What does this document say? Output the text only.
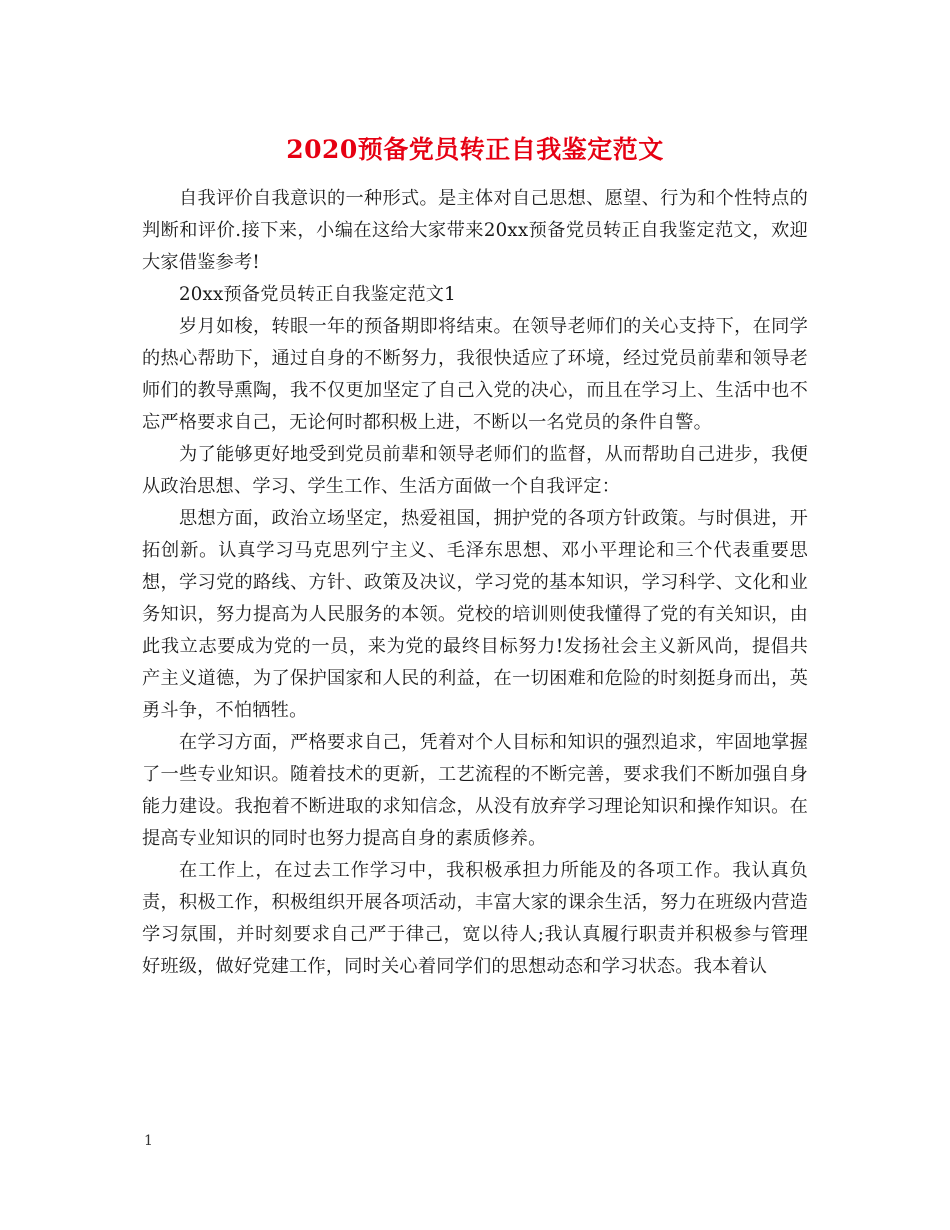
2020预备党员转正自我鉴定范文

自我评价自我意识的一种形式。是主体对自己思想、愿望、行为和个性特点的判断和评价.接下来，小编在这给大家带来20xx预备党员转正自我鉴定范文，欢迎大家借鉴参考!

20xx预备党员转正自我鉴定范文1

岁月如梭，转眼一年的预备期即将结束。在领导老师们的关心支持下，在同学的热心帮助下，通过自身的不断努力，我很快适应了环境，经过党员前辈和领导老师们的教导熏陶，我不仅更加坚定了自己入党的决心，而且在学习上、生活中也不忘严格要求自己，无论何时都积极上进，不断以一名党员的条件自警。

为了能够更好地受到党员前辈和领导老师们的监督，从而帮助自己进步，我便从政治思想、学习、学生工作、生活方面做一个自我评定：

思想方面，政治立场坚定，热爱祖国，拥护党的各项方针政策。与时俱进，开拓创新。认真学习马克思列宁主义、毛泽东思想、邓小平理论和三个代表重要思想，学习党的路线、方针、政策及决议，学习党的基本知识，学习科学、文化和业务知识，努力提高为人民服务的本领。党校的培训则使我懂得了党的有关知识，由此我立志要成为党的一员，来为党的最终目标努力!发扬社会主义新风尚，提倡共产主义道德，为了保护国家和人民的利益，在一切困难和危险的时刻挺身而出，英勇斗争，不怕牺牲。

在学习方面，严格要求自己，凭着对个人目标和知识的强烈追求，牢固地掌握了一些专业知识。随着技术的更新，工艺流程的不断完善，要求我们不断加强自身能力建设。我抱着不断进取的求知信念，从没有放弃学习理论知识和操作知识。在提高专业知识的同时也努力提高自身的素质修养。

在工作上，在过去工作学习中，我积极承担力所能及的各项工作。我认真负责，积极工作，积极组织开展各项活动，丰富大家的课余生活，努力在班级内营造学习氛围，并时刻要求自己严于律己，宽以待人;我认真履行职责并积极参与管理好班级，做好党建工作，同时关心着同学们的思想动态和学习状态。我本着认

1
